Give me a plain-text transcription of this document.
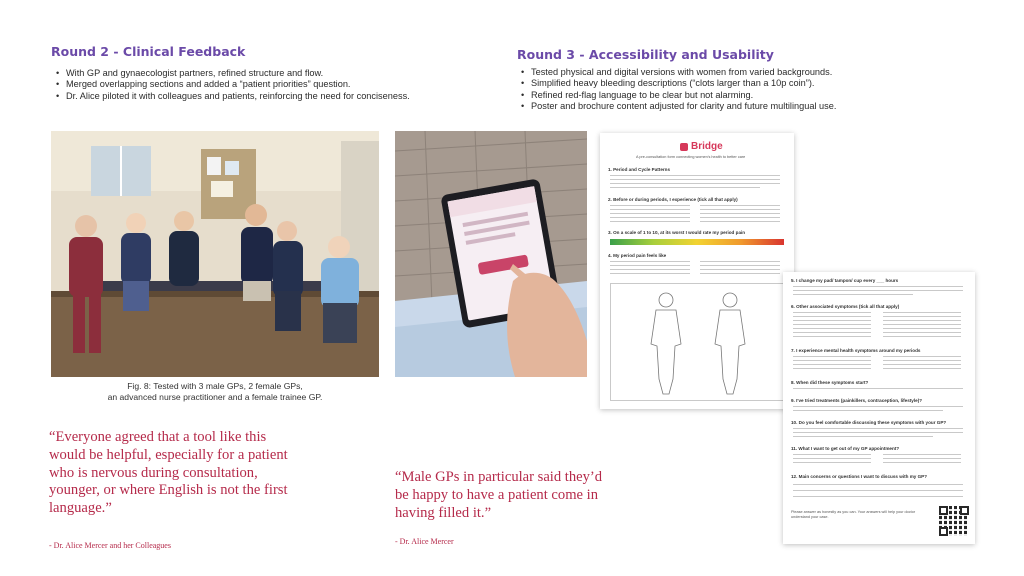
Round 2 - Clinical Feedback
• With GP and gynaecologist partners, refined structure and flow.
• Merged overlapping sections and added a “patient priorities” question.
• Dr. Alice piloted it with colleagues and patients, reinforcing the need for conciseness.
Round 3 - Accessibility and Usability
• Tested physical and digital versions with women from varied backgrounds.
• Simplified heavy bleeding descriptions (“clots larger than a 10p coin”).
• Refined red-flag language to be clear but not alarming.
• Poster and brochure content adjusted for clarity and future multilingual use.
Fig. 8: Tested with 3 male GPs, 2 female GPs,
an advanced nurse practitioner and a female trainee GP.
“Everyone agreed that a tool like this
would be helpful, especially for a patient
who is nervous during consultation,
younger, or where English is not the first
language.”
- Dr. Alice Mercer and her Colleagues
“Male GPs in particular said they’d
be happy to have a patient come in
having filled it.”
- Dr. Alice Mercer
Bridge
A pre-consultation form connecting women's health to better care
1. Period and Cycle Patterns
2. Before or during periods, I experience (tick all that apply)
3. On a scale of 1 to 10, at its worst I would rate my period pain
4. My period pain feels like
5. I change my pad/ tampon/ cup every ___ hours
6. Other associated symptoms (tick all that apply)
7. I experience mental health symptoms around my periods
8. When did these symptoms start?
9. I've tried treatments (painkillers, contraception, lifestyle)?
10. Do you feel comfortable discussing these symptoms with your GP?
11. What I want to get out of my GP appointment?
12. Main concerns or questions I want to discuss with my GP?
Please answer as honestly as you can. Your answers will help your doctor understand your case.
